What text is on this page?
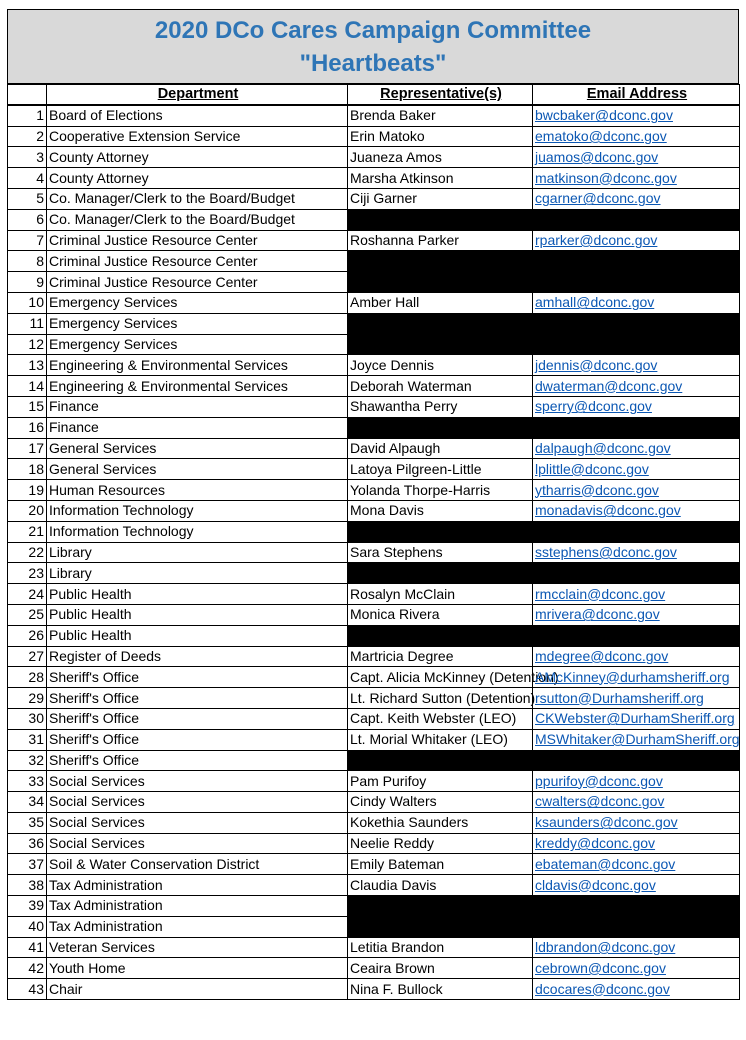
2020 DCo Cares Campaign Committee
"Heartbeats"
	Department	Representative(s)	Email Address
1	Board of Elections	Brenda Baker	bwcbaker@dconc.gov
2	Cooperative Extension Service	Erin Matoko	ematoko@dconc.gov
3	County Attorney	Juaneza Amos	juamos@dconc.gov
4	County Attorney	Marsha Atkinson	matkinson@dconc.gov
5	Co. Manager/Clerk to the Board/Budget	Ciji Garner	cgarner@dconc.gov
6	Co. Manager/Clerk to the Board/Budget		
7	Criminal Justice Resource Center	Roshanna Parker	rparker@dconc.gov
8	Criminal Justice Resource Center		
9	Criminal Justice Resource Center		
10	Emergency Services	Amber Hall	amhall@dconc.gov
11	Emergency Services		
12	Emergency Services		
13	Engineering & Environmental Services	Joyce Dennis	jdennis@dconc.gov
14	Engineering & Environmental Services	Deborah Waterman	dwaterman@dconc.gov
15	Finance	Shawantha Perry	sperry@dconc.gov
16	Finance		
17	General Services	David Alpaugh	dalpaugh@dconc.gov
18	General Services	Latoya Pilgreen-Little	lplittle@dconc.gov
19	Human Resources	Yolanda Thorpe-Harris	ytharris@dconc.gov
20	Information Technology	Mona Davis	monadavis@dconc.gov
21	Information Technology		
22	Library	Sara Stephens	sstephens@dconc.gov
23	Library		
24	Public Health	Rosalyn McClain	rmcclain@dconc.gov
25	Public Health	Monica Rivera	mrivera@dconc.gov
26	Public Health		
27	Register of Deeds	Martricia Degree	mdegree@dconc.gov
28	Sheriff's Office	Capt. Alicia McKinney (Detention)	AMcKinney@durhamsheriff.org
29	Sheriff's Office	Lt. Richard Sutton (Detention)	rsutton@Durhamsheriff.org
30	Sheriff's Office	Capt. Keith Webster (LEO)	CKWebster@DurhamSheriff.org
31	Sheriff's Office	Lt. Morial Whitaker (LEO)	MSWhitaker@DurhamSheriff.org
32	Sheriff's Office		
33	Social Services	Pam Purifoy	ppurifoy@dconc.gov
34	Social Services	Cindy Walters	cwalters@dconc.gov
35	Social Services	Kokethia Saunders	ksaunders@dconc.gov
36	Social Services	Neelie Reddy	kreddy@dconc.gov
37	Soil & Water Conservation District	Emily Bateman	ebateman@dconc.gov
38	Tax Administration	Claudia Davis	cldavis@dconc.gov
39	Tax Administration		
40	Tax Administration		
41	Veteran Services	Letitia Brandon	ldbrandon@dconc.gov
42	Youth Home	Ceaira Brown	cebrown@dconc.gov
43	Chair	Nina F. Bullock	dcocares@dconc.gov
